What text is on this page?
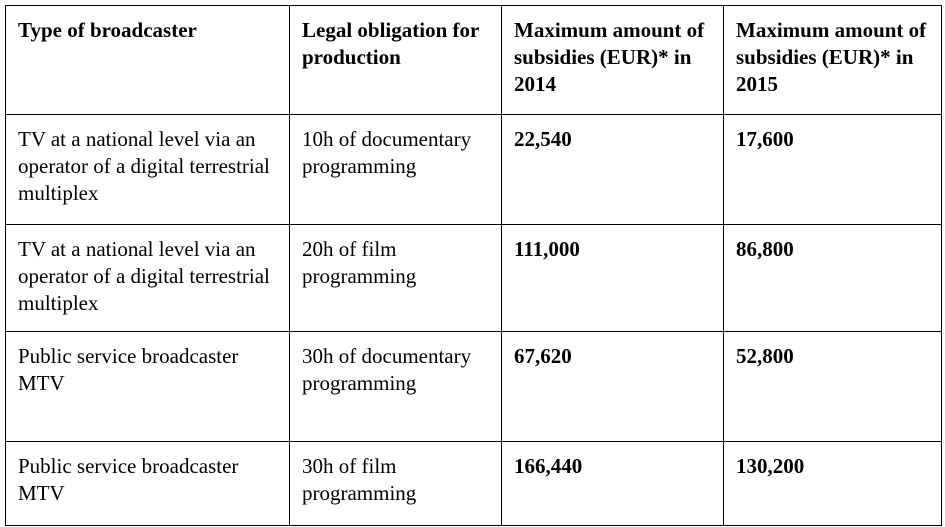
Type of broadcaster	Legal obligation for production	Maximum amount of subsidies (EUR)* in 2014	Maximum amount of subsidies (EUR)* in 2015
TV at a national level via an operator of a digital terrestrial multiplex	10h of documentary programming	22,540	17,600
TV at a national level via an operator of a digital terrestrial multiplex	20h of film programming	111,000	86,800
Public service broadcaster MTV	30h of documentary programming	67,620	52,800
Public service broadcaster MTV	30h of film programming	166,440	130,200
